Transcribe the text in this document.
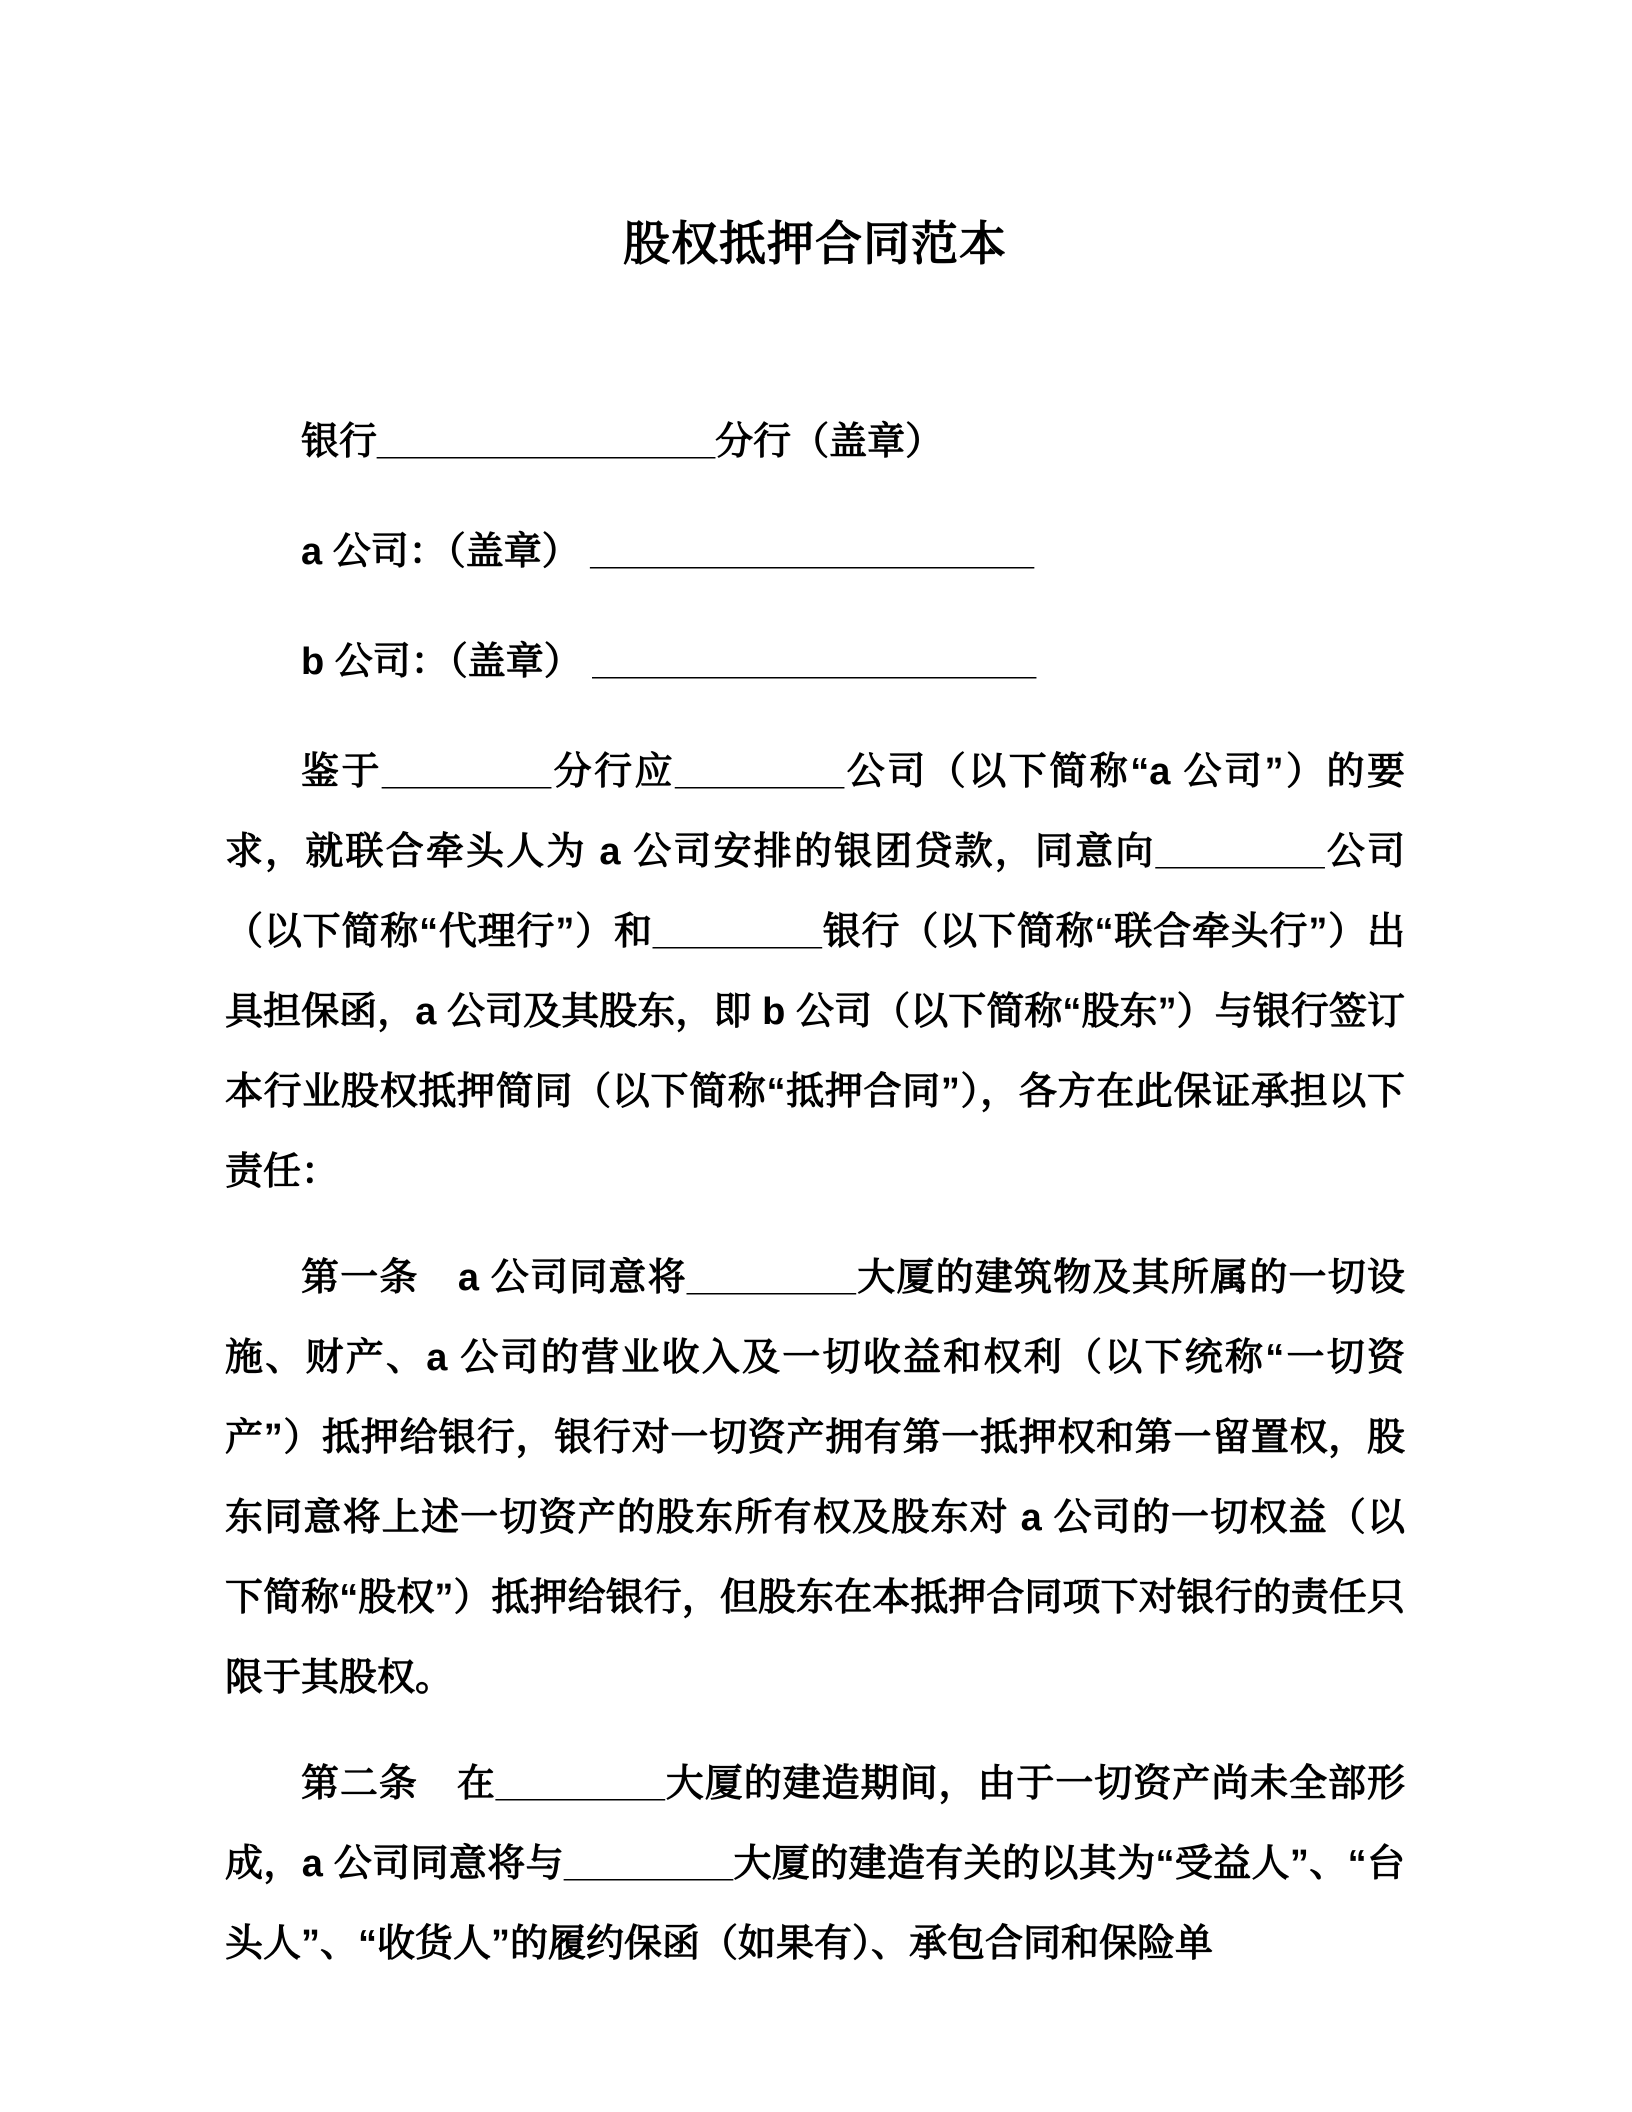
股权抵押合同范本

银行________________分行（盖章）

a 公司：（盖章） _____________________

b 公司：（盖章） _____________________

鉴于________分行应________公司（以下简称“a 公司”）的要求，就联合牵头人为 a 公司安排的银团贷款，同意向________公司（以下简称“代理行”）和________银行（以下简称“联合牵头行”）出具担保函，a 公司及其股东，即 b 公司（以下简称“股东”）与银行签订本行业股权抵押简同（以下简称“抵押合同”），各方在此保证承担以下责任：

第一条　a 公司同意将________大厦的建筑物及其所属的一切设施、财产、a 公司的营业收入及一切收益和权利（以下统称“一切资产”）抵押给银行，银行对一切资产拥有第一抵押权和第一留置权，股东同意将上述一切资产的股东所有权及股东对 a 公司的一切权益（以下简称“股权”）抵押给银行，但股东在本抵押合同项下对银行的责任只限于其股权。

第二条　在________大厦的建造期间，由于一切资产尚未全部形成，a 公司同意将与________大厦的建造有关的以其为“受益人”、“台头人”、“收货人”的履约保函（如果有）、承包合同和保险单
